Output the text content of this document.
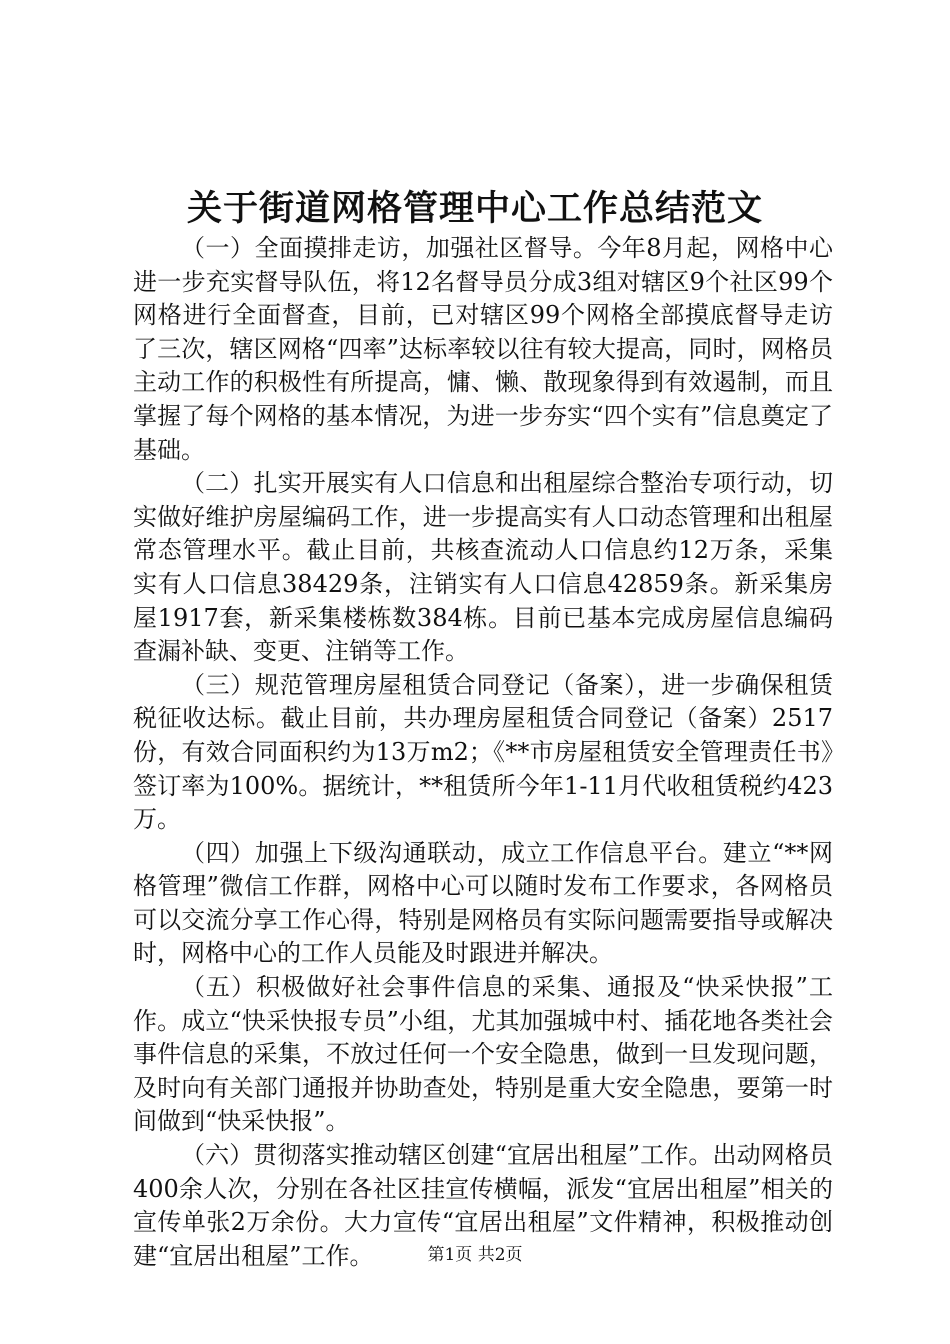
关于街道网格管理中心工作总结范文

（一）全面摸排走访，加强社区督导。今年8月起，网格中心进一步充实督导队伍，将12名督导员分成3组对辖区9个社区99个网格进行全面督查，目前，已对辖区99个网格全部摸底督导走访了三次，辖区网格“四率”达标率较以往有较大提高，同时，网格员主动工作的积极性有所提高，慵、懒、散现象得到有效遏制，而且掌握了每个网格的基本情况，为进一步夯实“四个实有”信息奠定了基础。

（二）扎实开展实有人口信息和出租屋综合整治专项行动，切实做好维护房屋编码工作，进一步提高实有人口动态管理和出租屋常态管理水平。截止目前，共核查流动人口信息约12万条，采集实有人口信息38429条，注销实有人口信息42859条。新采集房屋1917套，新采集楼栋数384栋。目前已基本完成房屋信息编码查漏补缺、变更、注销等工作。

（三）规范管理房屋租赁合同登记（备案），进一步确保租赁税征收达标。截止目前，共办理房屋租赁合同登记（备案）2517份，有效合同面积约为13万m2；《**市房屋租赁安全管理责任书》签订率为100%。据统计，**租赁所今年1-11月代收租赁税约423万。

（四）加强上下级沟通联动，成立工作信息平台。建立“**网格管理”微信工作群，网格中心可以随时发布工作要求，各网格员可以交流分享工作心得，特别是网格员有实际问题需要指导或解决时，网格中心的工作人员能及时跟进并解决。

（五）积极做好社会事件信息的采集、通报及“快采快报”工作。成立“快采快报专员”小组，尤其加强城中村、插花地各类社会事件信息的采集，不放过任何一个安全隐患，做到一旦发现问题，及时向有关部门通报并协助查处，特别是重大安全隐患，要第一时间做到“快采快报”。

（六）贯彻落实推动辖区创建“宜居出租屋”工作。出动网格员400余人次，分别在各社区挂宣传横幅，派发“宜居出租屋”相关的宣传单张2万余份。大力宣传“宜居出租屋”文件精神，积极推动创建“宜居出租屋”工作。	第1页 共2页
